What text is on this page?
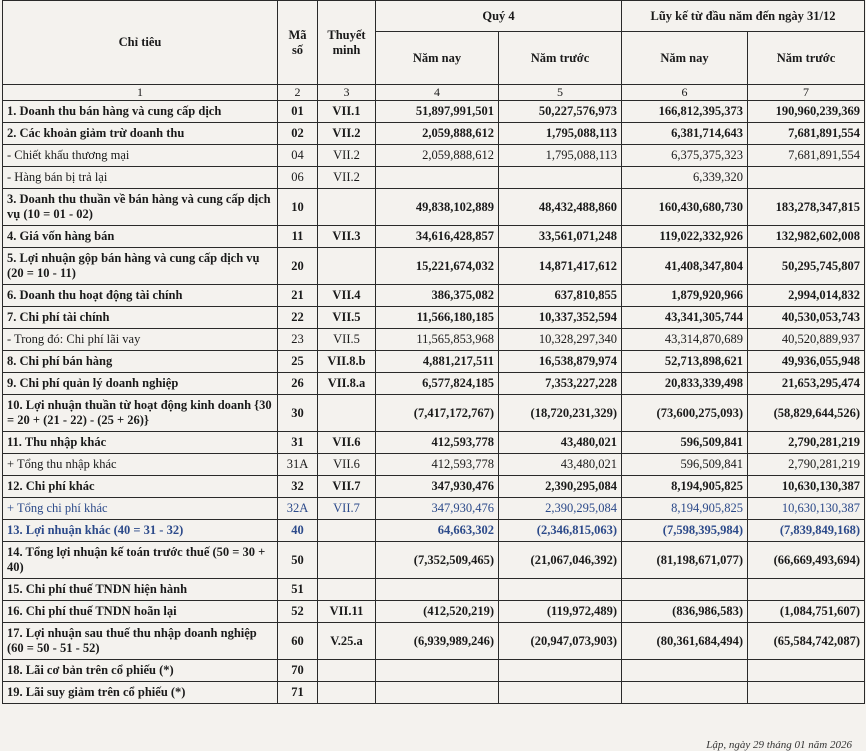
Chỉ tiêu	Mã số	Thuyết minh	Quý 4		Lũy kế từ đầu năm đến ngày 31/12	
			Năm nay	Năm trước	Năm nay	Năm trước
1	2	3	4	5	6	7
1. Doanh thu bán hàng và cung cấp dịch	01	VII.1	51,897,991,501	50,227,576,973	166,812,395,373	190,960,239,369
2. Các khoản giảm trừ doanh thu	02	VII.2	2,059,888,612	1,795,088,113	6,381,714,643	7,681,891,554
- Chiết khấu thương mại	04	VII.2	2,059,888,612	1,795,088,113	6,375,375,323	7,681,891,554
- Hàng bán bị trả lại	06	VII.2			6,339,320	
3. Doanh thu thuần về bán hàng và cung cấp dịch vụ (10 = 01 - 02)	10		49,838,102,889	48,432,488,860	160,430,680,730	183,278,347,815
4. Giá vốn hàng bán	11	VII.3	34,616,428,857	33,561,071,248	119,022,332,926	132,982,602,008
5. Lợi nhuận gộp bán hàng và cung cấp dịch vụ (20 = 10 - 11)	20		15,221,674,032	14,871,417,612	41,408,347,804	50,295,745,807
6. Doanh thu hoạt động tài chính	21	VII.4	386,375,082	637,810,855	1,879,920,966	2,994,014,832
7. Chi phí tài chính	22	VII.5	11,566,180,185	10,337,352,594	43,341,305,744	40,530,053,743
- Trong đó: Chi phí lãi vay	23	VII.5	11,565,853,968	10,328,297,340	43,314,870,689	40,520,889,937
8. Chi phí bán hàng	25	VII.8.b	4,881,217,511	16,538,879,974	52,713,898,621	49,936,055,948
9. Chi phí quản lý doanh nghiệp	26	VII.8.a	6,577,824,185	7,353,227,228	20,833,339,498	21,653,295,474
10. Lợi nhuận thuần từ hoạt động kinh doanh {30 = 20 + (21 - 22) - (25 + 26)}	30		(7,417,172,767)	(18,720,231,329)	(73,600,275,093)	(58,829,644,526)
11. Thu nhập khác	31	VII.6	412,593,778	43,480,021	596,509,841	2,790,281,219
+ Tổng thu nhập khác	31A	VII.6	412,593,778	43,480,021	596,509,841	2,790,281,219
12. Chi phí khác	32	VII.7	347,930,476	2,390,295,084	8,194,905,825	10,630,130,387
+ Tổng chi phí khác	32A	VII.7	347,930,476	2,390,295,084	8,194,905,825	10,630,130,387
13. Lợi nhuận khác (40 = 31 - 32)	40		64,663,302	(2,346,815,063)	(7,598,395,984)	(7,839,849,168)
14. Tổng lợi nhuận kế toán trước thuế (50 = 30 + 40)	50		(7,352,509,465)	(21,067,046,392)	(81,198,671,077)	(66,669,493,694)
15. Chi phí thuế TNDN hiện hành	51					
16. Chi phí thuế TNDN hoãn lại	52	VII.11	(412,520,219)	(119,972,489)	(836,986,583)	(1,084,751,607)
17. Lợi nhuận sau thuế thu nhập doanh nghiệp (60 = 50 - 51 - 52)	60	V.25.a	(6,939,989,246)	(20,947,073,903)	(80,361,684,494)	(65,584,742,087)
18. Lãi cơ bản trên cổ phiếu (*)	70					
19. Lãi suy giảm trên cổ phiếu (*)	71					
Lập, ngày 29 tháng 01 năm 2026
